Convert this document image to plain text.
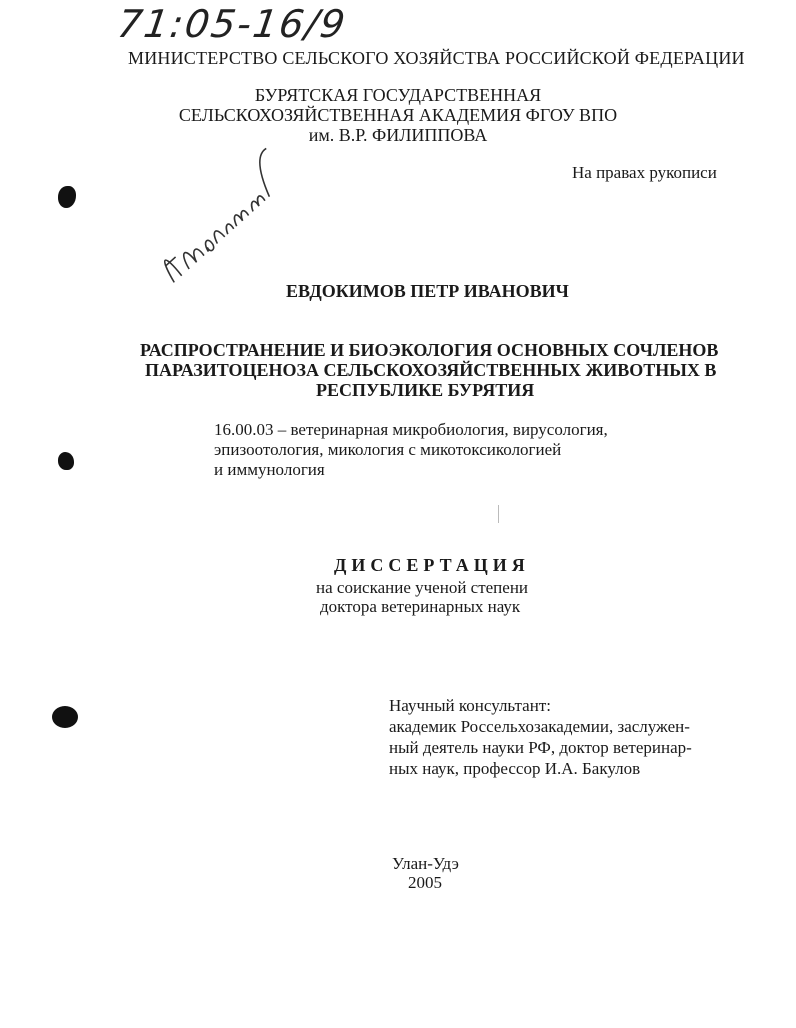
71:05-16/9
МИНИСТЕРСТВО СЕЛЬСКОГО ХОЗЯЙСТВА РОССИЙСКОЙ ФЕДЕРАЦИИ
БУРЯТСКАЯ ГОСУДАРСТВЕННАЯ
СЕЛЬСКОХОЗЯЙСТВЕННАЯ АКАДЕМИЯ ФГОУ ВПО
им. В.Р. ФИЛИППОВА
На правах рукописи
ЕВДОКИМОВ ПЕТР ИВАНОВИЧ
РАСПРОСТРАНЕНИЕ И БИОЭКОЛОГИЯ ОСНОВНЫХ СОЧЛЕНОВ
ПАРАЗИТОЦЕНОЗА СЕЛЬСКОХОЗЯЙСТВЕННЫХ ЖИВОТНЫХ В
РЕСПУБЛИКЕ БУРЯТИЯ
16.00.03 – ветеринарная микробиология, вирусология,
эпизоотология, микология с микотоксикологией
и иммунология
ДИССЕРТАЦИЯ
на соискание ученой степени
доктора ветеринарных наук
Научный консультант:
академик Россельхозакадемии, заслужен-
ный деятель науки РФ, доктор ветеринар-
ных наук, профессор И.А. Бакулов
Улан-Удэ
2005
